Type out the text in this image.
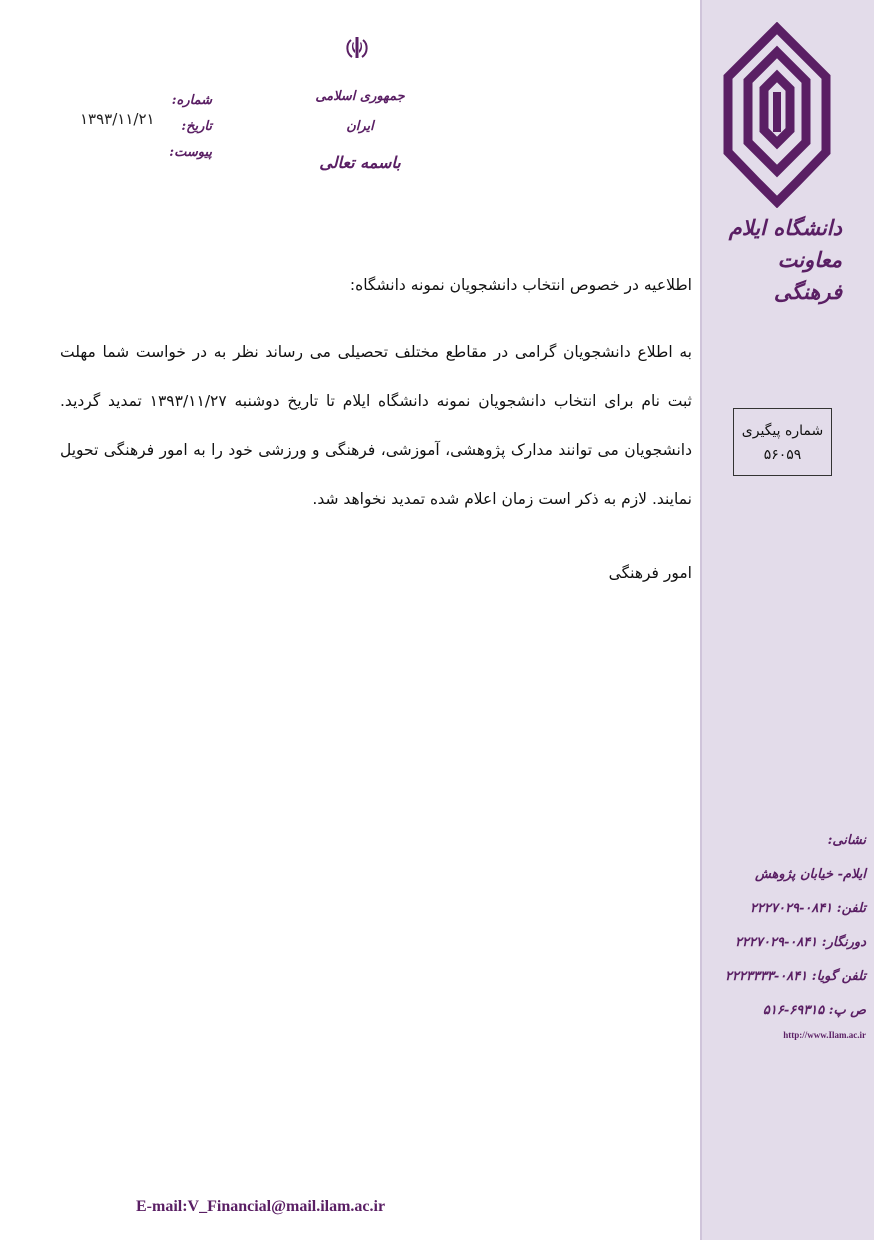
دانشگاه ایلام
معاونت فرهنگی
شماره پیگیری
۵۶۰۵۹
نشانی:
ایلام- خیابان پژوهش
تلفن: ۰۸۴۱-۲۲۲۷۰۲۹
دورنگار: ۰۸۴۱-۲۲۲۷۰۲۹
تلفن گویا: ۰۸۴۱-۲۲۲۳۳۳۳
ص پ: ۶۹۳۱۵-۵۱۶
http://www.Ilam.ac.ir
جمهوری اسلامی ایران
باسمه تعالی
شماره:
تاریخ:
پیوست:
۱۳۹۳/۱۱/۲۱

اطلاعیه در خصوص انتخاب دانشجویان نمونه دانشگاه:

به اطلاع دانشجویان گرامی در مقاطع مختلف تحصیلی می رساند نظر به در خواست شما مهلت ثبت نام برای انتخاب دانشجویان نمونه دانشگاه ایلام تا تاریخ دوشنبه ۱۳۹۳/۱۱/۲۷ تمدید گردید. دانشجویان می توانند مدارک پژوهشی، آموزشی، فرهنگی و ورزشی خود را به امور فرهنگی تحویل نمایند. لازم به ذکر است زمان اعلام شده تمدید نخواهد شد.

امور فرهنگی

E-mail:V_Financial@mail.ilam.ac.ir
